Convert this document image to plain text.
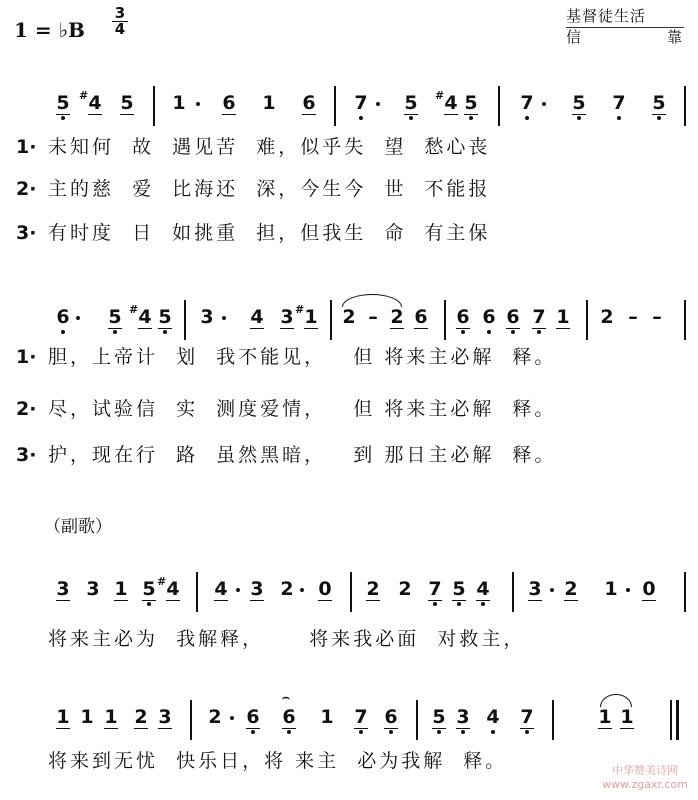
1 = ♭B $\frac{3}{4}$	基督徒生活
信靠
5 # 4 5 1 6 1 6 7 5 # 4 5 7 5 7 5
1· 未知何  故  遇见苦  难，似乎失  望  愁心丧
2· 主的慈  爱  比海还  深，今生今  世  不能报
3· 有时度  日  如挑重  担，但我生  命  有主保
6 5 # 4 5 3 4 3 # 1 2 – 2 6 6 6 6 7 1 2 – –
1· 胆，上帝计  划  我不能见，   但 将来主必解  释。
2· 尽，试验信  实  测度爱情，   但 将来主必解  释。
3· 护，现在行  路  虽然黑暗，   到 那日主必解  释。
（副歌）
3 3 1 5 # 4 4 3 2 0 2 2 7 5 4 3 2 1 0
将来主必为  我解释，     将来我必面  对救主，
1 1 1 2 3 2 6
⌢
6 1 7 6 5 3 4 7	1 1
将来到无忧  快乐日，将 来主  必为我解  释。	中华赞美诗网
www.zgaxr.com
